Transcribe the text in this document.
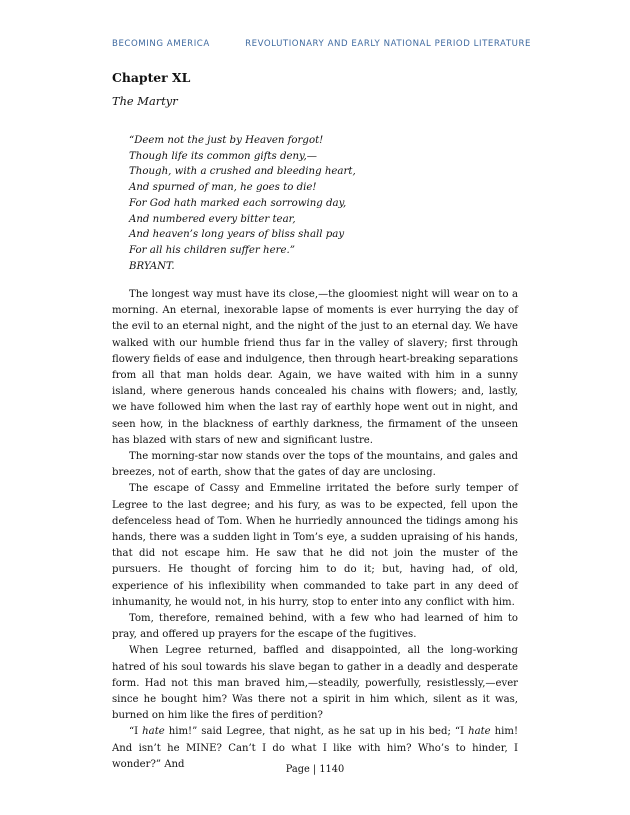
BECOMING AMERICA	REVOLUTIONARY AND EARLY NATIONAL PERIOD LITERATURE
Chapter XL
The Martyr
“Deem not the just by Heaven forgot!
Though life its common gifts deny,—
Though, with a crushed and bleeding heart,
And spurned of man, he goes to die!
For God hath marked each sorrowing day,
And numbered every bitter tear,
And heaven’s long years of bliss shall pay
For all his children suffer here.”
BRYANT.

The longest way must have its close,—the gloomiest night will wear on to a morning. An eternal, inexorable lapse of moments is ever hurrying the day of the evil to an eternal night, and the night of the just to an eternal day. We have walked with our humble friend thus far in the valley of slavery; first through flowery fields of ease and indulgence, then through heart-breaking separations from all that man holds dear. Again, we have waited with him in a sunny island, where generous hands concealed his chains with flowers; and, lastly, we have followed him when the last ray of earthly hope went out in night, and seen how, in the blackness of earthly darkness, the firmament of the unseen has blazed with stars of new and significant lustre.

The morning-star now stands over the tops of the mountains, and gales and breezes, not of earth, show that the gates of day are unclosing.

The escape of Cassy and Emmeline irritated the before surly temper of Legree to the last degree; and his fury, as was to be expected, fell upon the defenceless head of Tom. When he hurriedly announced the tidings among his hands, there was a sudden light in Tom’s eye, a sudden upraising of his hands, that did not escape him. He saw that he did not join the muster of the pursuers. He thought of forcing him to do it; but, having had, of old, experience of his inflexibility when commanded to take part in any deed of inhumanity, he would not, in his hurry, stop to enter into any conflict with him.

Tom, therefore, remained behind, with a few who had learned of him to pray, and offered up prayers for the escape of the fugitives.

When Legree returned, baffled and disappointed, all the long-working hatred of his soul towards his slave began to gather in a deadly and desperate form. Had not this man braved him,—steadily, powerfully, resistlessly,—ever since he bought him? Was there not a spirit in him which, silent as it was, burned on him like the fires of perdition?

“I hate him!” said Legree, that night, as he sat up in his bed; “I hate him! And isn’t he MINE? Can’t I do what I like with him? Who’s to hinder, I wonder?” And	Page | 1140
